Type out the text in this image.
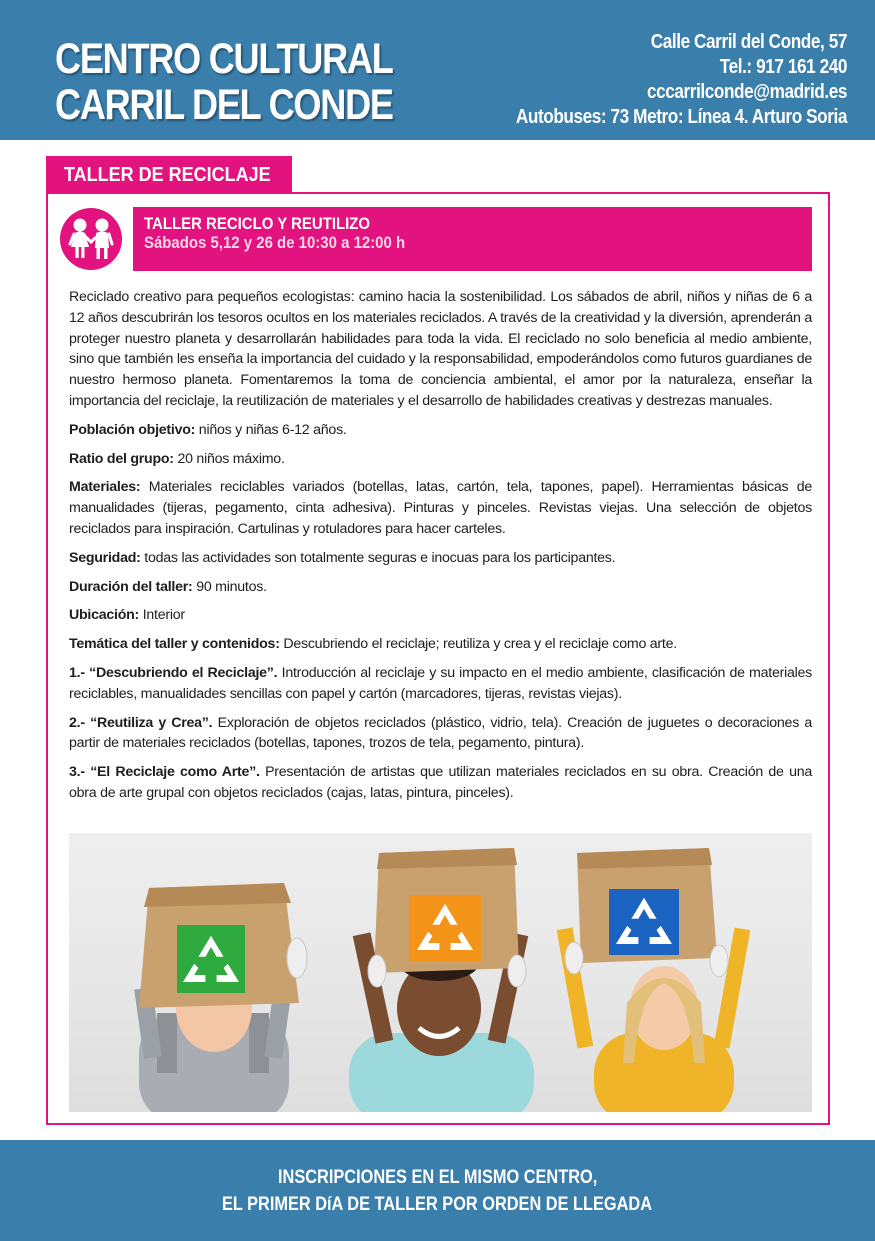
CENTRO CULTURAL
CARRIL DEL CONDE
Calle Carril del Conde, 57
Tel.: 917 161 240
cccarrilconde@madrid.es
Autobuses: 73 Metro: Línea 4. Arturo Soria
TALLER DE RECICLAJE
TALLER RECICLO Y REUTILIZO
Sábados 5,12 y 26 de 10:30 a 12:00 h

Reciclado creativo para pequeños ecologistas: camino hacia la sostenibilidad. Los sábados de abril, niños y niñas de 6 a 12 años descubrirán los tesoros ocultos en los materiales reciclados. A través de la creatividad y la diversión, aprenderán a proteger nuestro planeta y desarrollarán habilidades para toda la vida. El reciclado no solo beneficia al medio ambiente, sino que también les enseña la importancia del cuidado y la responsabilidad, empoderándolos como futuros guardianes de nuestro hermoso planeta. Fomentaremos la toma de conciencia ambiental, el amor por la naturaleza, enseñar la importancia del reciclaje, la reutilización de materiales y el desarrollo de habilidades creativas y destrezas manuales.

Población objetivo: niños y niñas 6-12 años.

Ratio del grupo: 20 niños máximo.

Materiales: Materiales reciclables variados (botellas, latas, cartón, tela, tapones, papel). Herramientas básicas de manualidades (tijeras, pegamento, cinta adhesiva). Pinturas y pinceles. Revistas viejas. Una selección de objetos reciclados para inspiración. Cartulinas y rotuladores para hacer carteles.

Seguridad: todas las actividades son totalmente seguras e inocuas para los participantes.

Duración del taller: 90 minutos.

Ubicación: Interior

Temática del taller y contenidos: Descubriendo el reciclaje; reutiliza y crea y el reciclaje como arte.

1.- “Descubriendo el Reciclaje”. Introducción al reciclaje y su impacto en el medio ambiente, clasificación de materiales reciclables, manualidades sencillas con papel y cartón (marcadores, tijeras, revistas viejas).

2.- “Reutiliza y Crea”. Exploración de objetos reciclados (plástico, vidrio, tela). Creación de juguetes o decoraciones a partir de materiales reciclados (botellas, tapones, trozos de tela, pegamento, pintura).

3.- “El Reciclaje como Arte”. Presentación de artistas que utilizan materiales reciclados en su obra. Creación de una obra de arte grupal con objetos reciclados (cajas, latas, pintura, pinceles).

INSCRIPCIONES EN EL MISMO CENTRO,
EL PRIMER DíA DE TALLER POR ORDEN DE LLEGADA
